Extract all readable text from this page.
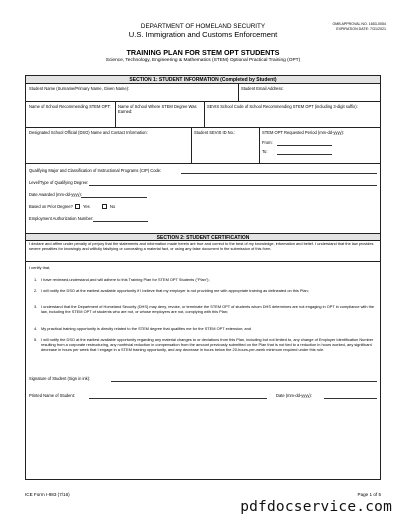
OMB APPROVAL NO. 1653-0054
EXPIRATION DATE: 7/31/2021
DEPARTMENT OF HOMELAND SECURITY
U.S. Immigration and Customs Enforcement
TRAINING PLAN FOR STEM OPT STUDENTS
Science, Technology, Engineering & Mathematics (STEM) Optional Practical Training (OPT)
SECTION 1: STUDENT INFORMATION (Completed by Student)
Student Name (Surname/Primary Name, Given Name):	Student Email Address:
Name of School Recommending STEM OPT:	Name of School Where STEM Degree Was Earned:
SEVIS School Code of School Recommending STEM OPT (including 3-digit suffix):
Designated School Official (DSO) Name and Contact Information:	Student SEVIS ID No.:	STEM OPT Requested Period (mm-dd-yyyy):
From:
To:
Qualifying Major and Classification of Instructional Programs (CIP) Code:
Level/Type of Qualifying Degree:
Date Awarded (mm-dd-yyyy):
Based on Prior Degree? Yes	No
Employment Authorization Number:
SECTION 2: STUDENT CERTIFICATION
I declare and affirm under penalty of perjury that the statements and information made herein are true and correct to the best of my knowledge, information and belief. I understand that the law provides severe penalties for knowingly and willfully falsifying or concealing a material fact, or using any false document in the submission of this form.
I certify that,
1. I have reviewed,understand,and will adhere to this Training Plan for STEM OPT Students ("Plan");
2. I will notify the DSO at the earliest available opportunity if I believe that my employer is not providing me with appropriate training as delineated on this Plan;
3. I understand that the Department of Homeland Security (DHS) may deny, revoke, or terminate the STEM OPT of students whom DHS determines are not engaging in OPT in compliance with the law, including the STEM OPT of students who are not, or whose employers are not, complying with this Plan;
4. My practical training opportunity is directly related to the STEM degree that qualifies me for the STEM OPT extension; and
5. I will notify the DSO at the earliest available opportunity regarding any material changes to or deviations from this Plan, including but not limited to, any change of Employer Identification Number resulting from a corporate restructuring, any nonfrivial reduction in compensation from the amount previously submitted on the Plan that is not tied to a reduction in hours worked, any significant decrease in hours per week that I engage in a STEM training opportunity, and any decrease in hours below the 20-hours-per-week minimum required under this rule.
Signature of Student (Sign in ink):
Printed Name of Student:	Date (mm-dd-yyyy):
ICE Form I-983 (7/16)	Page 1 of 5
pdfdocservice.com
